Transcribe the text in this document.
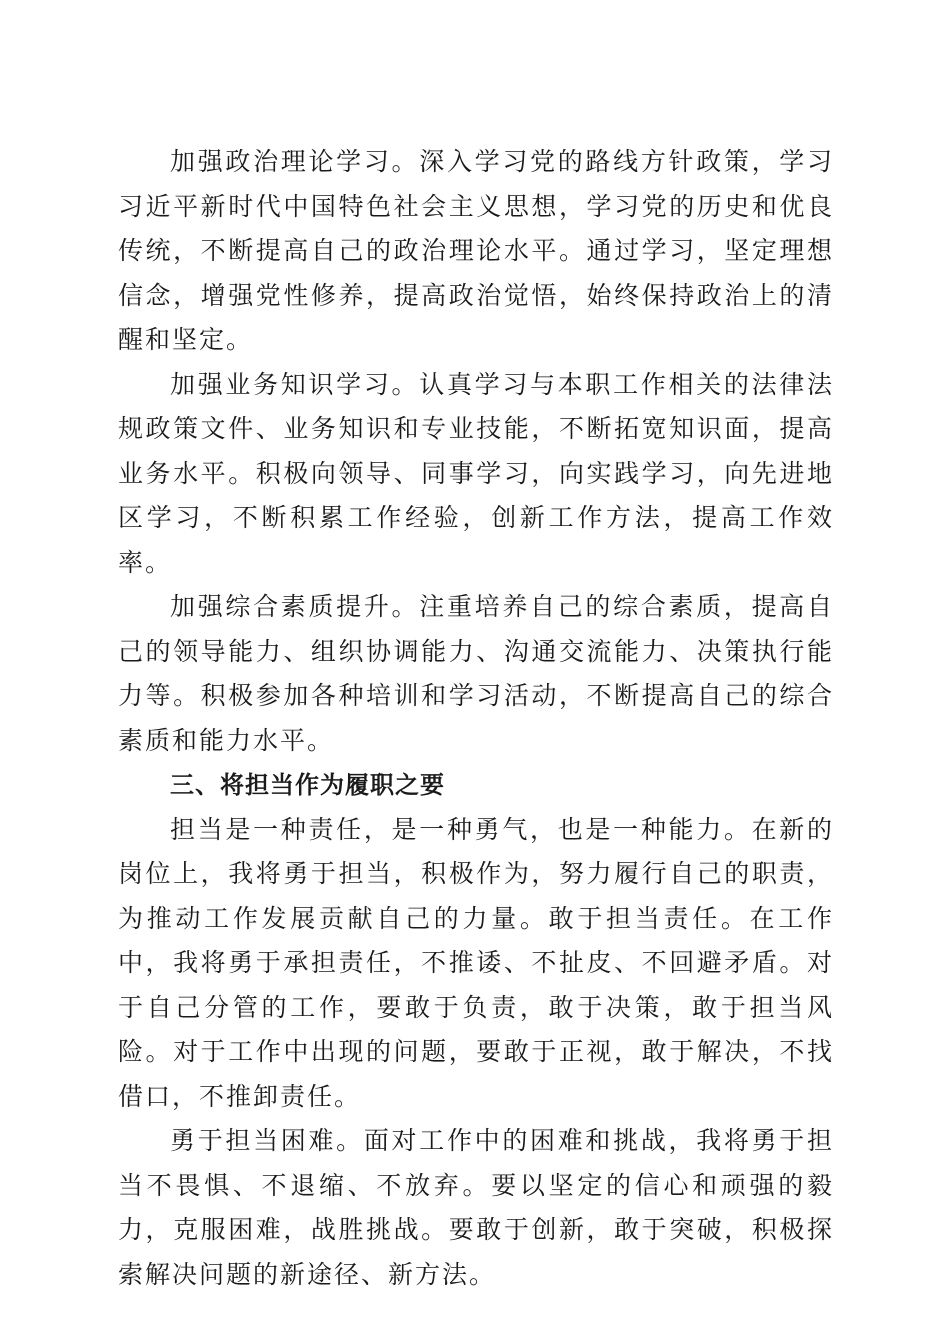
加强政治理论学习。深入学习党的路线方针政策，学习习近平新时代中国特色社会主义思想，学习党的历史和优良传统，不断提高自己的政治理论水平。通过学习，坚定理想信念，增强党性修养，提高政治觉悟，始终保持政治上的清醒和坚定。

加强业务知识学习。认真学习与本职工作相关的法律法规政策文件、业务知识和专业技能，不断拓宽知识面，提高业务水平。积极向领导、同事学习，向实践学习，向先进地区学习，不断积累工作经验，创新工作方法，提高工作效率。

加强综合素质提升。注重培养自己的综合素质，提高自己的领导能力、组织协调能力、沟通交流能力、决策执行能力等。积极参加各种培训和学习活动，不断提高自己的综合素质和能力水平。

三、将担当作为履职之要

担当是一种责任，是一种勇气，也是一种能力。在新的岗位上，我将勇于担当，积极作为，努力履行自己的职责，为推动工作发展贡献自己的力量。敢于担当责任。在工作中，我将勇于承担责任，不推诿、不扯皮、不回避矛盾。对于自己分管的工作，要敢于负责，敢于决策，敢于担当风险。对于工作中出现的问题，要敢于正视，敢于解决，不找借口，不推卸责任。

勇于担当困难。面对工作中的困难和挑战，我将勇于担当不畏惧、不退缩、不放弃。要以坚定的信心和顽强的毅力，克服困难，战胜挑战。要敢于创新，敢于突破，积极探索解决问题的新途径、新方法。
